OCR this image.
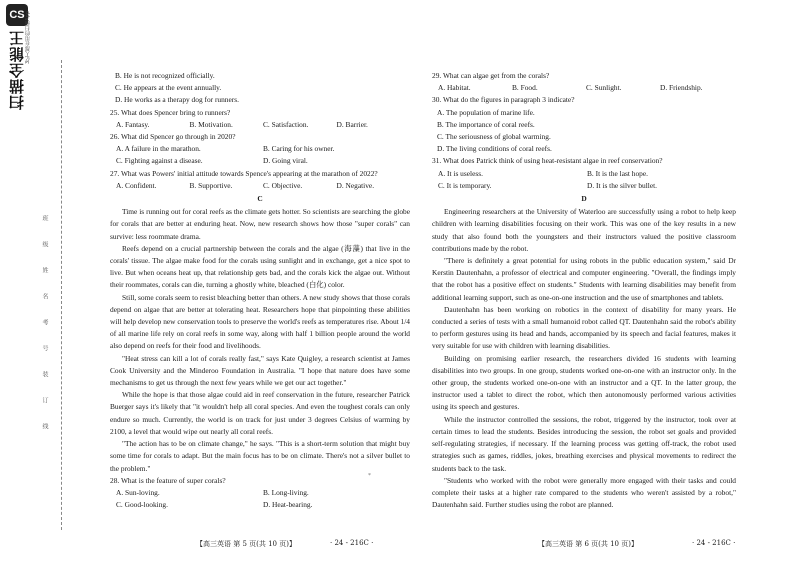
CS
扫描全能王 3亿人都在用的扫描App
班
级
姓
名
考
号
装
订
线
B. He is not recognized officially.
C. He appears at the event annually.
D. He works as a therapy dog for runners.
25. What does Spencer bring to runners?
A. Fantasy.	B. Motivation.	C. Satisfaction.	D. Barrier.
26. What did Spencer go through in 2020?
A. A failure in the marathon.	B. Caring for his owner.
C. Fighting against a disease.	D. Going viral.
27. What was Powers' initial attitude towards Spence's appearing at the marathon of 2022?
A. Confident.	B. Supportive.	C. Objective.	D. Negative.
C
Time is running out for coral reefs as the climate gets hotter. So scientists are searching the globe for corals that are better at enduring heat. Now, new research shows how those "super corals" can survive: less roommate drama.
Reefs depend on a crucial partnership between the corals and the algae (海藻) that live in the corals' tissue. The algae make food for the corals using sunlight and in exchange, get a nice spot to live. But when oceans heat up, that relationship gets bad, and the corals kick the algae out. Without their roommates, corals can die, turning a ghostly white, bleached (白化) color.
Still, some corals seem to resist bleaching better than others. A new study shows that those corals depend on algae that are better at tolerating heat. Researchers hope that pinpointing these abilities will help develop new conservation tools to preserve the world's reefs as temperatures rise. About 1/4 of all marine life rely on coral reefs in some way, along with half 1 billion people around the world also depend on reefs for their food and livelihoods.
"Heat stress can kill a lot of corals really fast," says Kate Quigley, a research scientist at James Cook University and the Minderoo Foundation in Australia. "I hope that nature does have some mechanisms to get us through the next few years while we get our act together."
While the hope is that those algae could aid in reef conservation in the future, researcher Patrick Buerger says it's likely that "it wouldn't help all coral species. And even the toughest corals can only endure so much. Currently, the world is on track for just under 3 degrees Celsius of warming by 2100, a level that would wipe out nearly all coral reefs.
"The action has to be on climate change," he says. "This is a short-term solution that might buy some time for corals to adapt. But the main focus has to be on climate. There's not a silver bullet to the problem."
28. What is the feature of super corals?
A. Sun-loving.	B. Long-living.
C. Good-looking.	D. Heat-bearing.
29. What can algae get from the corals?
A. Habitat.	B. Food.	C. Sunlight.	D. Friendship.
30. What do the figures in paragraph 3 indicate?
A. The population of marine life.
B. The importance of coral reefs.
C. The seriousness of global warming.
D. The living conditions of coral reefs.
31. What does Patrick think of using heat-resistant algae in reef conservation?
A. It is useless.	B. It is the last hope.
C. It is temporary.	D. It is the silver bullet.
D
Engineering researchers at the University of Waterloo are successfully using a robot to help keep children with learning disabilities focusing on their work. This was one of the key results in a new study that also found both the youngsters and their instructors valued the positive classroom contributions made by the robot.
"There is definitely a great potential for using robots in the public education system," said Dr Kerstin Dautenhahn, a professor of electrical and computer engineering. "Overall, the findings imply that the robot has a positive effect on students." Students with learning disabilities may benefit from additional learning support, such as one-on-one instruction and the use of smartphones and tablets.
Dautenhahn has been working on robotics in the context of disability for many years. He conducted a series of tests with a small humanoid robot called QT. Dautenhahn said the robot's ability to perform gestures using its head and hands, accompanied by its speech and facial features, makes it very suitable for use with children with learning disabilities.
Building on promising earlier research, the researchers divided 16 students with learning disabilities into two groups. In one group, students worked one-on-one with an instructor only. In the other group, the students worked one-on-one with an instructor and a QT. In the latter group, the instructor used a tablet to direct the robot, which then autonomously performed various activities using its speech and gestures.
While the instructor controlled the sessions, the robot, triggered by the instructor, took over at certain times to lead the students. Besides introducing the session, the robot set goals and provided self-regulating strategies, if necessary. If the learning process was getting off-track, the robot used strategies such as games, riddles, jokes, breathing exercises and physical movements to redirect the students back to the task.
"Students who worked with the robot were generally more engaged with their tasks and could complete their tasks at a higher rate compared to the students who weren't assisted by a robot," Dautenhahn said. Further studies using the robot are planned.
*
【高三英语 第 5 页(共 10 页)】	· 24 - 216C ·	【高三英语 第 6 页(共 10 页)】	· 24 - 216C ·
